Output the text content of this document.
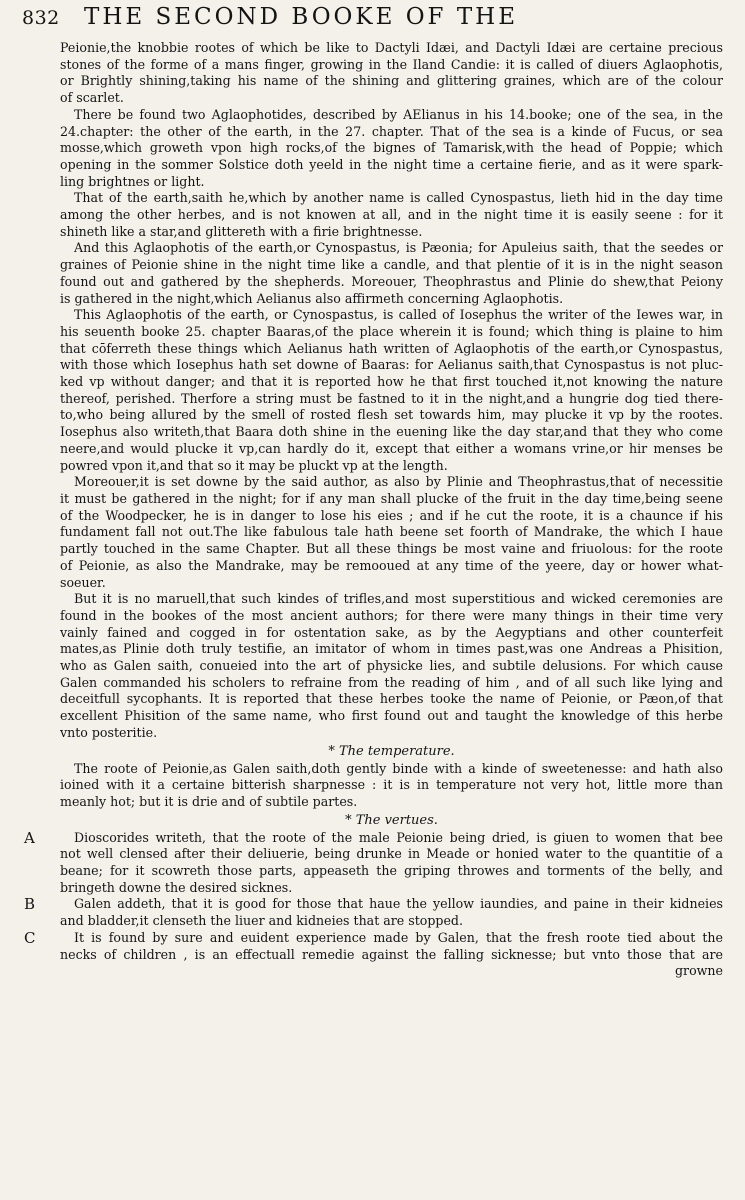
832	THE SECOND BOOKE OF THE
Peionie,the knobbie rootes of which be like to Dactyli Idæi, and Dactyli Idæi are certaine precious
stones of the forme of a mans finger, growing in the Iland Candie: it is called of diuers Aglaophotis,
or Brightly shining,taking his name of the shining and glittering graines, which are of the colour
of scarlet.
There be found two Aglaophotides, described by AElianus in his 14.booke; one of the sea, in the
24.chapter: the other of the earth, in the 27. chapter. That of the sea is a kinde of Fucus, or sea
mosse,which groweth vpon high rocks,of the bignes of Tamarisk,with the head of Poppie; which
opening in the sommer Solstice doth yeeld in the night time a certaine fierie, and as it were spark-
ling brightnes or light.
That of the earth,saith he,which by another name is called Cynospastus, lieth hid in the day time
among the other herbes, and is not knowen at all, and in the night time it is easily seene : for it
shineth like a star,and glittereth with a firie brightnesse.
And this Aglaophotis of the earth,or Cynospastus, is Pæonia; for Apuleius saith, that the seedes or
graines of Peionie shine in the night time like a candle, and that plentie of it is in the night season
found out and gathered by the shepherds. Moreouer, Theophrastus and Plinie do shew,that Peiony
is gathered in the night,which Aelianus also affirmeth concerning Aglaophotis.
This Aglaophotis of the earth, or Cynospastus, is called of Iosephus the writer of the Iewes war, in
his seuenth booke 25. chapter Baaras,of the place wherein it is found; which thing is plaine to him
that cōferreth these things which Aelianus hath written of Aglaophotis of the earth,or Cynospastus,
with those which Iosephus hath set downe of Baaras: for Aelianus saith,that Cynospastus is not pluc-
ked vp without danger; and that it is reported how he that first touched it,not knowing the nature
thereof, perished. Therfore a string must be fastned to it in the night,and a hungrie dog tied there-
to,who being allured by the smell of rosted flesh set towards him, may plucke it vp by the rootes.
Iosephus also writeth,that Baara doth shine in the euening like the day star,and that they who come
neere,and would plucke it vp,can hardly do it, except that either a womans vrine,or hir menses be
powred vpon it,and that so it may be pluckt vp at the length.
Moreouer,it is set downe by the said author, as also by Plinie and Theophrastus,that of necessitie
it must be gathered in the night; for if any man shall plucke of the fruit in the day time,being seene
of the Woodpecker, he is in danger to lose his eies ; and if he cut the roote, it is a chaunce if his
fundament fall not out.The like fabulous tale hath beene set foorth of Mandrake, the which I haue
partly touched in the same Chapter. But all these things be most vaine and friuolous: for the roote
of Peionie, as also the Mandrake, may be remooued at any time of the yeere, day or hower what-
soeuer.
But it is no maruell,that such kindes of trifles,and most superstitious and wicked ceremonies are
found in the bookes of the most ancient authors; for there were many things in their time very
vainly fained and cogged in for ostentation sake, as by the Aegyptians and other counterfeit
mates,as Plinie doth truly testifie, an imitator of whom in times past,was one Andreas a Phisition,
who as Galen saith, conueied into the art of physicke lies, and subtile delusions. For which cause
Galen commanded his scholers to refraine from the reading of him , and of all such like lying and
deceitfull sycophants. It is reported that these herbes tooke the name of Peionie, or Pæon,of that
excellent Phisition of the same name, who first found out and taught the knowledge of this herbe
vnto posteritie.
* The temperature.
The roote of Peionie,as Galen saith,doth gently binde with a kinde of sweetenesse: and hath also
ioined with it a certaine bitterish sharpnesse : it is in temperature not very hot, little more than
meanly hot; but it is drie and of subtile partes.
* The vertues.
A	Dioscorides writeth, that the roote of the male Peionie being dried, is giuen to women that bee
not well clensed after their deliuerie, being drunke in Meade or honied water to the quantitie of a
beane; for it scowreth those parts, appeaseth the griping throwes and torments of the belly, and
bringeth downe the desired sicknes.
B	Galen addeth, that it is good for those that haue the yellow iaundies, and paine in their kidneies
and bladder,it clenseth the liuer and kidneies that are stopped.
C	It is found by sure and euident experience made by Galen, that the fresh roote tied about the
necks of children , is an effectuall remedie against the falling sicknesse; but vnto those that are
growne
